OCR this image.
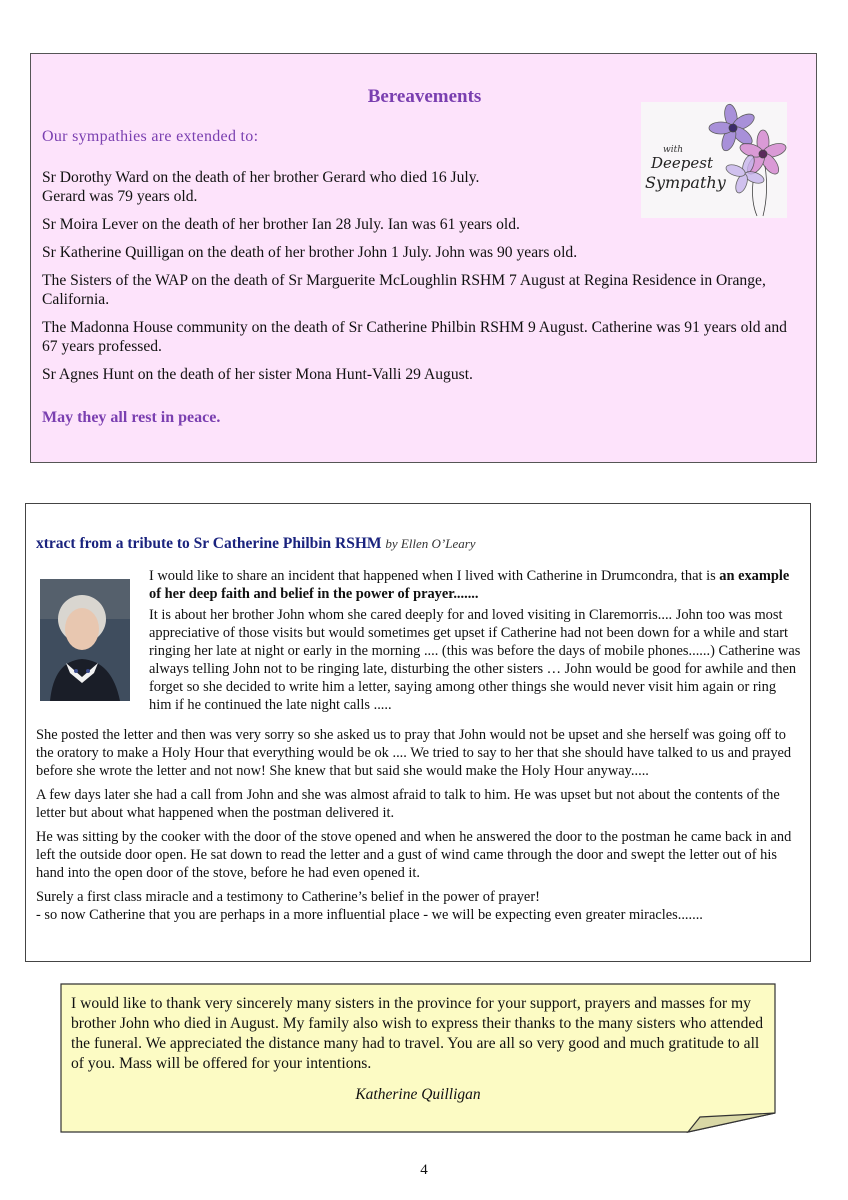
Bereavements
Our sympathies are extended to:

Sr Dorothy Ward on the death of her brother Gerard who died 16 July.
Gerard was 79 years old.

Sr Moira Lever on the death of her brother Ian 28 July. Ian was 61 years old.

Sr Katherine Quilligan on the death of her brother John 1 July. John was 90 years old.

The Sisters of the WAP on the death of Sr Marguerite McLoughlin RSHM 7 August at Regina Residence in Orange, California.

The Madonna House community on the death of Sr Catherine Philbin RSHM 9 August. Catherine was 91 years old and 67 years professed.

Sr Agnes Hunt on the death of her sister Mona Hunt-Valli 29 August.

May they all rest in peace.
with
Deepest
Sympathy
xtract from a tribute to Sr Catherine Philbin RSHM by Ellen O’Leary

I would like to share an incident that happened when I lived with Catherine in Drumcondra, that is an example of her deep faith and belief in the power of prayer.......

It is about her brother John whom she cared deeply for and loved visiting in Claremorris.... John too was most appreciative of those visits but would sometimes get upset if Catherine had not been down for a while and start ringing her late at night or early in the morning .... (this was before the days of mobile phones......) Catherine was always telling John not to be ringing late, disturbing the other sisters … John would be good for awhile and then forget so she decided to write him a letter, saying among other things she would never visit him again or ring him if he continued the late night calls .....

She posted the letter and then was very sorry so she asked us to pray that John would not be upset and she herself was going off to the oratory to make a Holy Hour that everything would be ok .... We tried to say to her that she should have talked to us and prayed before she wrote the letter and not now! She knew that but said she would make the Holy Hour anyway.....

A few days later she had a call from John and she was almost afraid to talk to him. He was upset but not about the contents of the letter but about what happened when the postman delivered it.

He was sitting by the cooker with the door of the stove opened and when he answered the door to the postman he came back in and left the outside door open. He sat down to read the letter and a gust of wind came through the door and swept the letter out of his hand into the open door of the stove, before he had even opened it.

Surely a first class miracle and a testimony to Catherine’s belief in the power of prayer!
- so now Catherine that you are perhaps in a more influential place - we will be expecting even greater miracles.......

I would like to thank very sincerely many sisters in the province for your support, prayers and masses for my brother John who died in August. My family also wish to express their thanks to the many sisters who attended the funeral. We appreciated the distance many had to travel. You are all so very good and much gratitude to all of you. Mass will be offered for your intentions.
Katherine Quilligan
4
